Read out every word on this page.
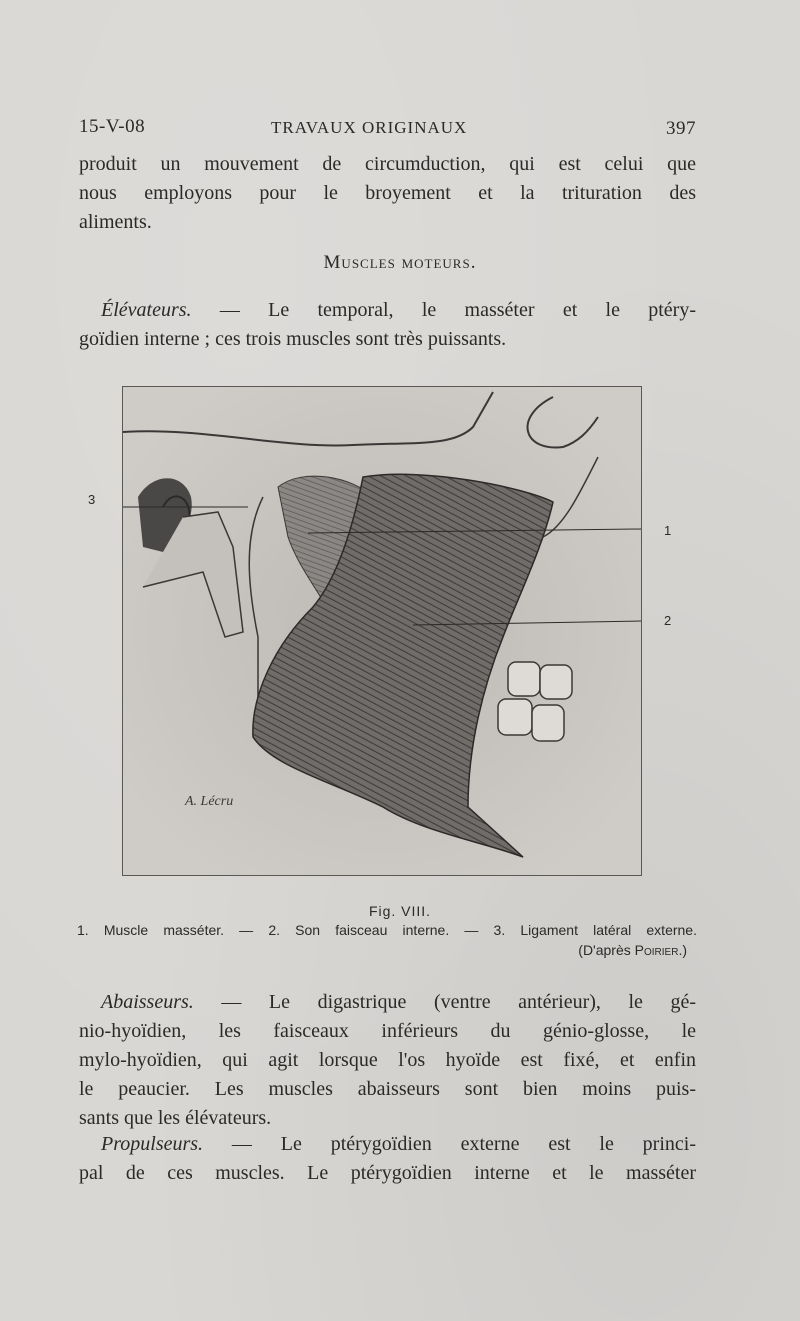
15-V-08	TRAVAUX ORIGINAUX	397
produit un mouvement de circumduction, qui est celui que
nous employons pour le broyement et la trituration des
aliments.
Muscles moteurs.
Élévateurs. — Le temporal, le masséter et le ptéry-
goïdien interne ; ces trois muscles sont très puissants.
A. Lécru
1
2
3
Fig. VIII.
1. Muscle masséter. — 2. Son faisceau interne. — 3. Ligament latéral externe.
(D'après Poirier.)
Abaisseurs. — Le digastrique (ventre antérieur), le gé-
nio-hyoïdien, les faisceaux inférieurs du génio-glosse, le
mylo-hyoïdien, qui agit lorsque l'os hyoïde est fixé, et enfin
le peaucier. Les muscles abaisseurs sont bien moins puis-
sants que les élévateurs.
Propulseurs. — Le ptérygoïdien externe est le princi-
pal de ces muscles. Le ptérygoïdien interne et le masséter
